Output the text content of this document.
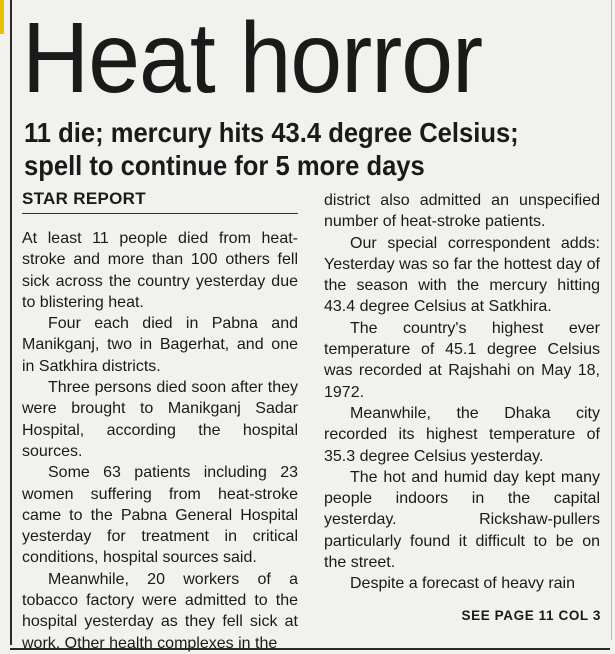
Heat horror
11 die; mercury hits 43.4 degree Celsius;
spell to continue for 5 more days
STAR REPORT

At least 11 people died from heat-stroke and more than 100 others fell sick across the country yesterday due to blistering heat.

Four each died in Pabna and Manikganj, two in Bagerhat, and one in Satkhira districts.

Three persons died soon after they were brought to Manikganj Sadar Hospital, according the hospital sources.

Some 63 patients including 23 women suffering from heat-stroke came to the Pabna General Hospital yesterday for treatment in critical conditions, hospital sources said.

Meanwhile, 20 workers of a tobacco factory were admitted to the hospital yesterday as they fell sick at work. Other health complexes in the

district also admitted an unspecified number of heat-stroke patients.

Our special correspondent adds: Yesterday was so far the hottest day of the season with the mercury hitting 43.4 degree Celsius at Satkhira.

The country's highest ever temperature of 45.1 degree Celsius was recorded at Rajshahi on May 18, 1972.

Meanwhile, the Dhaka city recorded its highest temperature of 35.3 degree Celsius yesterday.

The hot and humid day kept many people indoors in the capital yesterday. Rickshaw-pullers particularly found it difficult to be on the street.

Despite a forecast of heavy rain

SEE PAGE 11 COL 3
